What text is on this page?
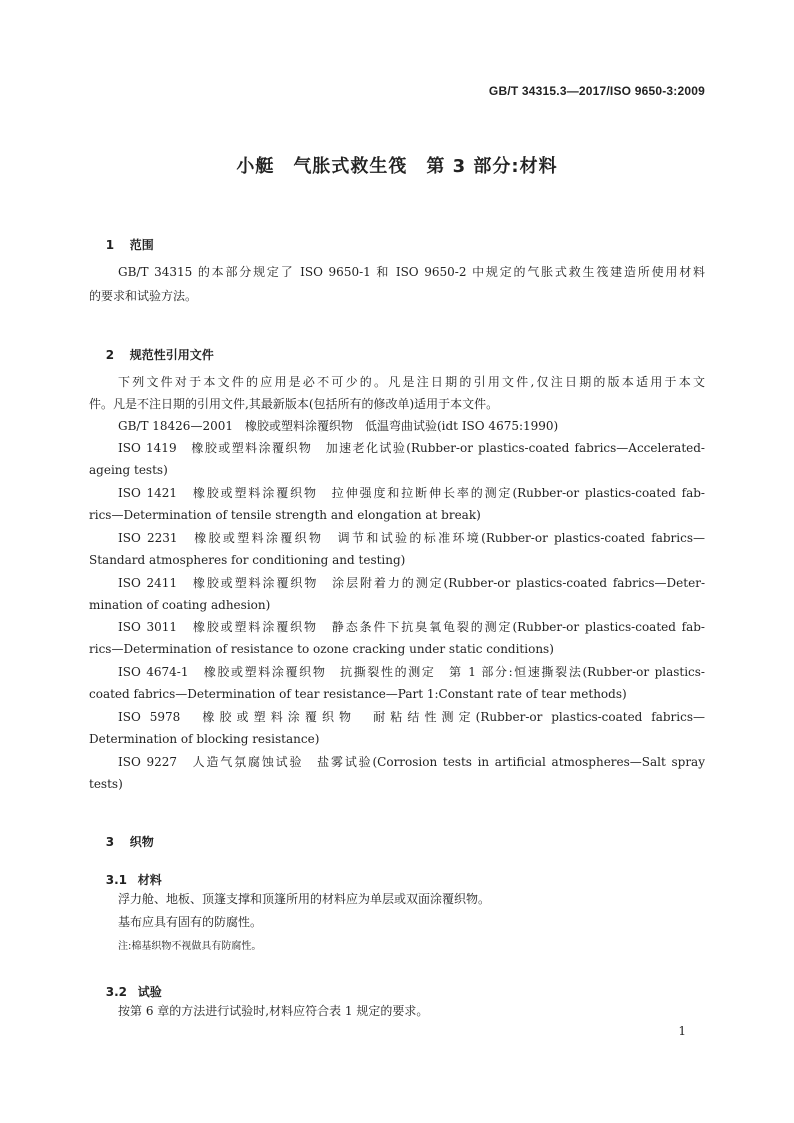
GB/T 34315.3—2017/ISO 9650-3:2009
小艇　气胀式救生筏　第 3 部分:材料

1 范围

GB/T 34315 的本部分规定了 ISO 9650-1 和 ISO 9650-2 中规定的气胀式救生筏建造所使用材料
的要求和试验方法。

2 规范性引用文件

下列文件对于本文件的应用是必不可少的。凡是注日期的引用文件,仅注日期的版本适用于本文
件。凡是不注日期的引用文件,其最新版本(包括所有的修改单)适用于本文件。
GB/T 18426—2001　橡胶或塑料涂覆织物　低温弯曲试验(idt ISO 4675:1990)
ISO 1419　橡胶或塑料涂覆织物　加速老化试验(Rubber-or plastics-coated fabrics—Accelerated-
ageing tests)
ISO 1421　橡胶或塑料涂覆织物　拉伸强度和拉断伸长率的测定(Rubber-or plastics-coated fab-
rics—Determination of tensile strength and elongation at break)
ISO 2231　橡胶或塑料涂覆织物　调节和试验的标准环境(Rubber-or plastics-coated fabrics—
Standard atmospheres for conditioning and testing)
ISO 2411　橡胶或塑料涂覆织物　涂层附着力的测定(Rubber-or plastics-coated fabrics—Deter-
mination of coating adhesion)
ISO 3011　橡胶或塑料涂覆织物　静态条件下抗臭氧龟裂的测定(Rubber-or plastics-coated fab-
rics—Determination of resistance to ozone cracking under static conditions)
ISO 4674-1　橡胶或塑料涂覆织物　抗撕裂性的测定　第 1 部分:恒速撕裂法(Rubber-or plastics-
coated fabrics—Determination of tear resistance—Part 1:Constant rate of tear methods)
ISO 5978　橡胶或塑料涂覆织物　耐粘结性测定(Rubber-or plastics-coated fabrics—
Determination of blocking resistance)
ISO 9227　人造气氛腐蚀试验　盐雾试验(Corrosion tests in artificial atmospheres—Salt spray
tests)

3 织物

3.1 材料

浮力舱、地板、顶篷支撑和顶篷所用的材料应为单层或双面涂覆织物。
基布应具有固有的防腐性。
注:棉基织物不视做具有防腐性。

3.2 试验

按第 6 章的方法进行试验时,材料应符合表 1 规定的要求。
1
